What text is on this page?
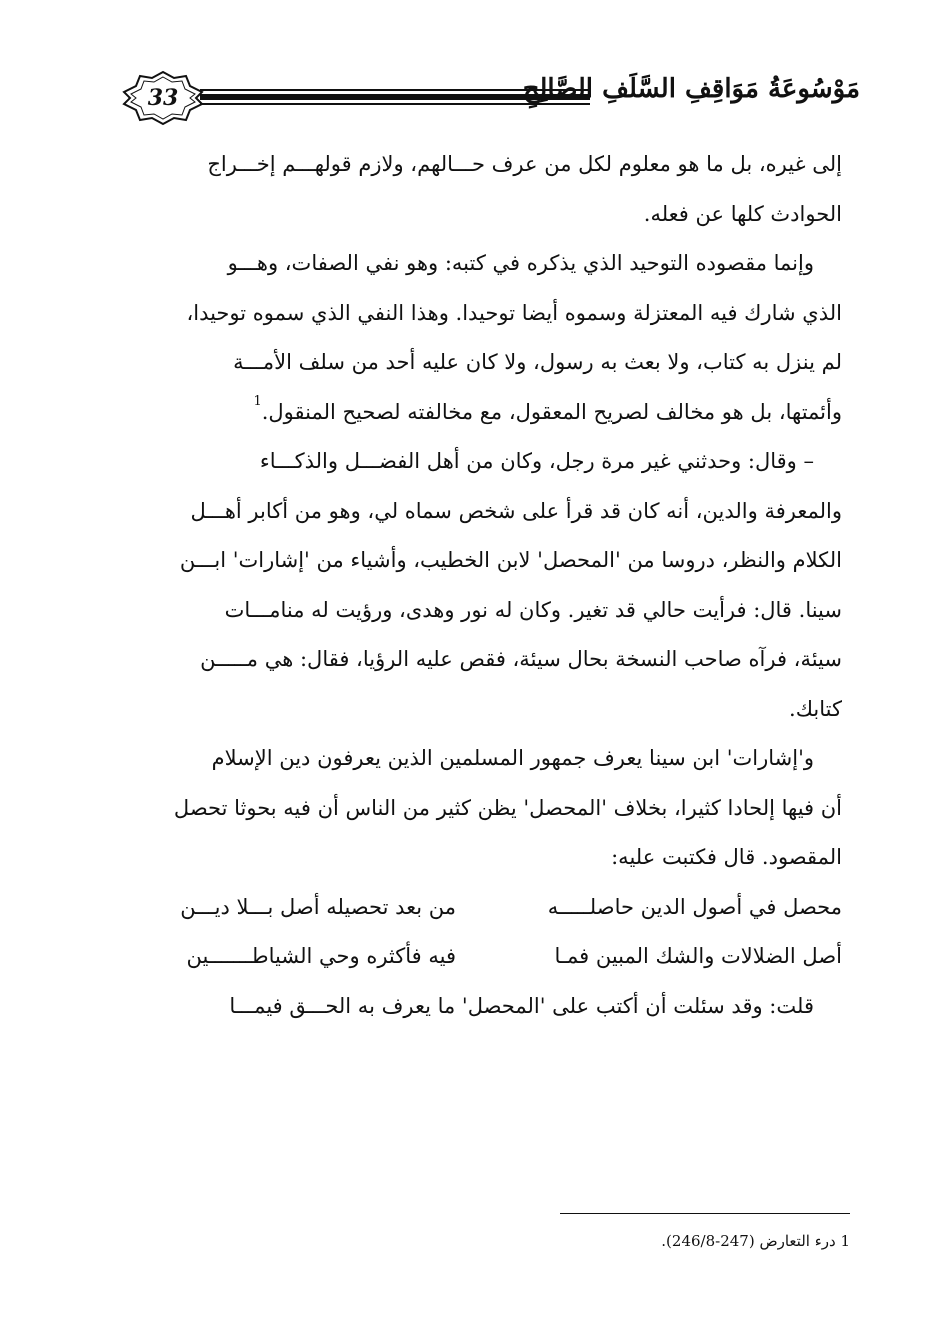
33	مَوْسُوعَةُ مَوَاقِفِ السَّلَفِ الصَّالِحِ

إلى غيره، بل ما هو معلوم لكل من عرف حـــالهم، ولازم قولهـــم إخـــراج
الحوادث كلها عن فعله.

وإنما مقصوده التوحيد الذي يذكره في كتبه: وهو نفي الصفات، وهـــو
الذي شارك فيه المعتزلة وسموه أيضا توحيدا. وهذا النفي الذي سموه توحيدا،
لم ينزل به كتاب، ولا بعث به رسول، ولا كان عليه أحد من سلف الأمـــة
وأئمتها، بل هو مخالف لصريح المعقول، مع مخالفته لصحيح المنقول.$^1$

– وقال: وحدثني غير مرة رجل، وكان من أهل الفضـــل والذكـــاء
والمعرفة والدين، أنه كان قد قرأ على شخص سماه لي، وهو من أكابر أهـــل
الكلام والنظر، دروسا من 'المحصل' لابن الخطيب، وأشياء من 'إشارات' ابـــن
سينا. قال: فرأيت حالي قد تغير. وكان له نور وهدى، ورؤيت له منامـــات
سيئة، فرآه صاحب النسخة بحال سيئة، فقص عليه الرؤيا، فقال: هي مـــــن
كتابك.

و'إشارات' ابن سينا يعرف جمهور المسلمين الذين يعرفون دين الإسلام
أن فيها إلحادا كثيرا، بخلاف 'المحصل' يظن كثير من الناس أن فيه بحوثا تحصل
المقصود. قال فكتبت عليه:

محصل في أصول الدين حاصلـــــه
من بعد تحصيله أصل بـــلا ديـــن
أصل الضلالات والشك المبين فمـا
فيه فأكثره وحي الشياطـــــــين

قلت: وقد سئلت أن أكتب على 'المحصل' ما يعرف به الحـــق فيمـــا

1 درء التعارض (247-246/8).
